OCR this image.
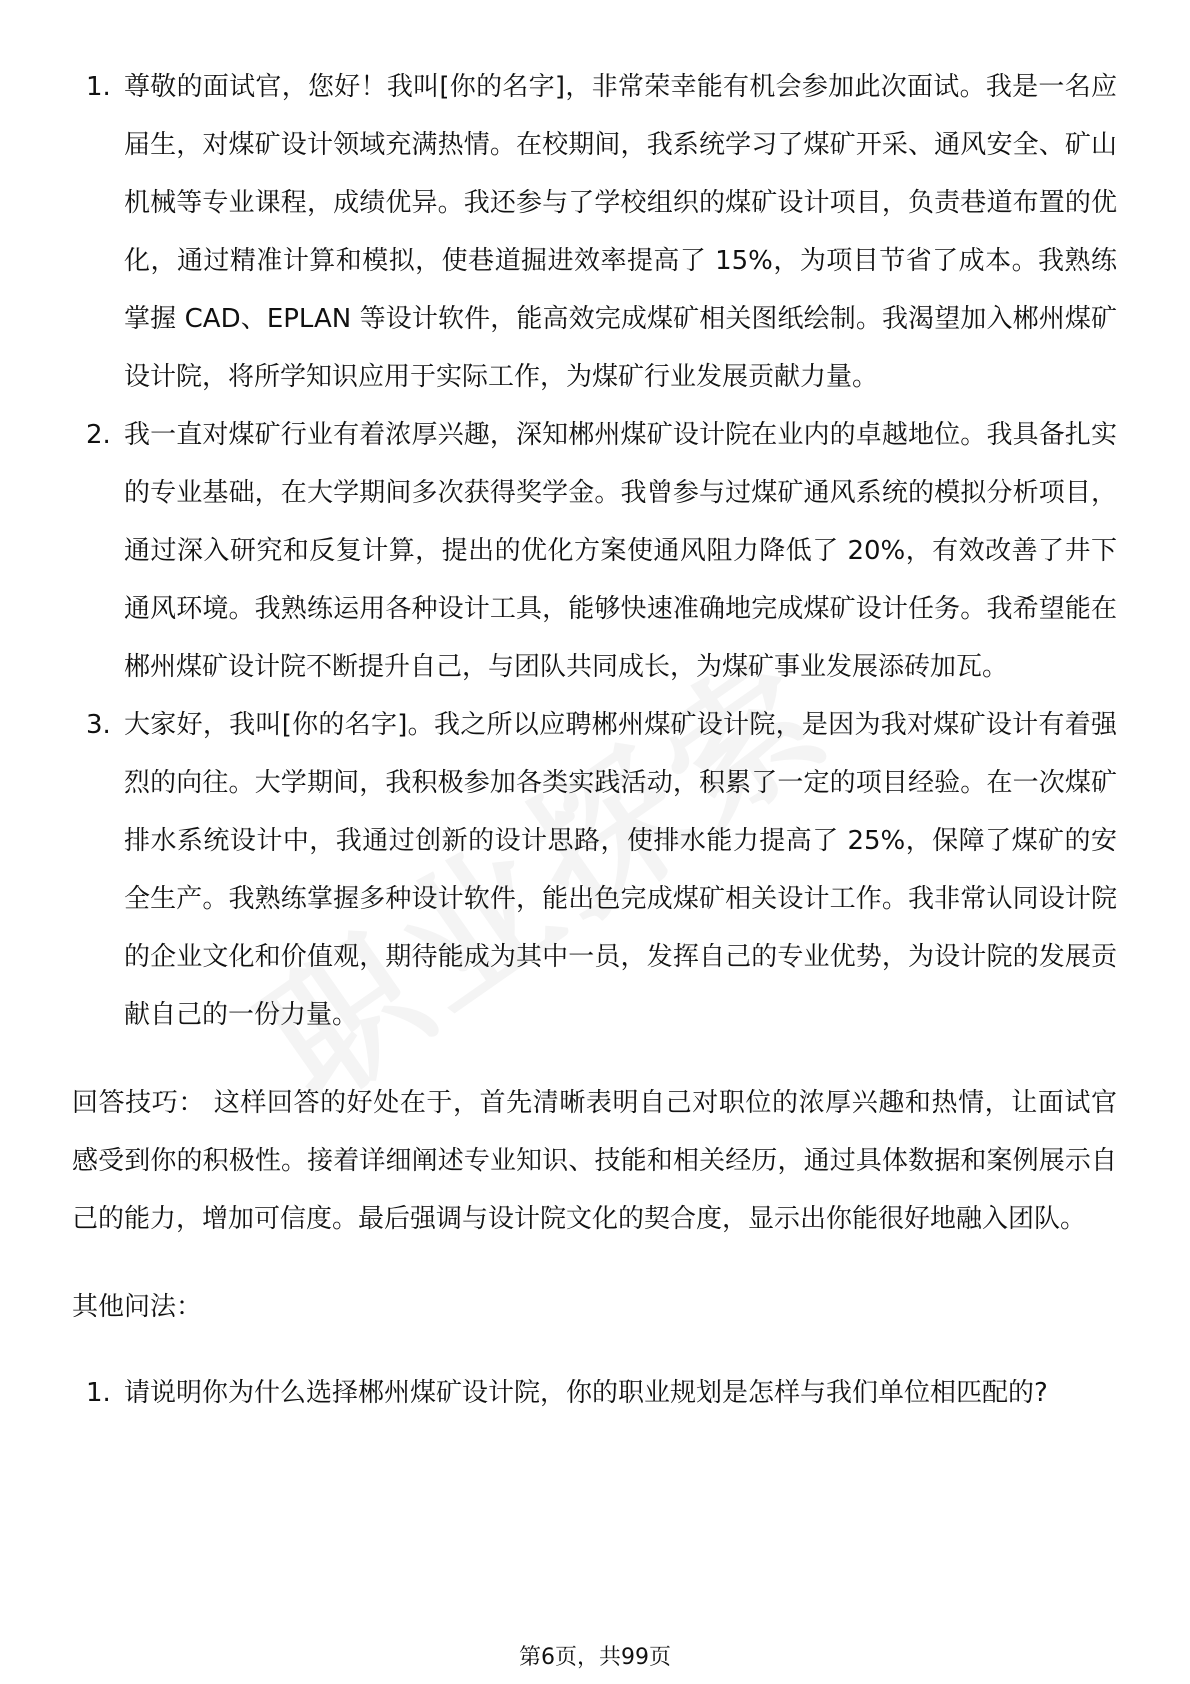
1. 尊敬的面试官，您好！我叫[你的名字]，非常荣幸能有机会参加此次面试。我是一名应届生，对煤矿设计领域充满热情。在校期间，我系统学习了煤矿开采、通风安全、矿山机械等专业课程，成绩优异。我还参与了学校组织的煤矿设计项目，负责巷道布置的优化，通过精准计算和模拟，使巷道掘进效率提高了 15%，为项目节省了成本。我熟练掌握 CAD、EPLAN 等设计软件，能高效完成煤矿相关图纸绘制。我渴望加入郴州煤矿设计院，将所学知识应用于实际工作，为煤矿行业发展贡献力量。
2. 我一直对煤矿行业有着浓厚兴趣，深知郴州煤矿设计院在业内的卓越地位。我具备扎实的专业基础，在大学期间多次获得奖学金。我曾参与过煤矿通风系统的模拟分析项目，通过深入研究和反复计算，提出的优化方案使通风阻力降低了 20%，有效改善了井下通风环境。我熟练运用各种设计工具，能够快速准确地完成煤矿设计任务。我希望能在郴州煤矿设计院不断提升自己，与团队共同成长，为煤矿事业发展添砖加瓦。
3. 大家好，我叫[你的名字]。我之所以应聘郴州煤矿设计院，是因为我对煤矿设计有着强烈的向往。大学期间，我积极参加各类实践活动，积累了一定的项目经验。在一次煤矿排水系统设计中，我通过创新的设计思路，使排水能力提高了 25%，保障了煤矿的安全生产。我熟练掌握多种设计软件，能出色完成煤矿相关设计工作。我非常认同设计院的企业文化和价值观，期待能成为其中一员，发挥自己的专业优势，为设计院的发展贡献自己的一份力量。

回答技巧： 这样回答的好处在于，首先清晰表明自己对职位的浓厚兴趣和热情，让面试官感受到你的积极性。接着详细阐述专业知识、技能和相关经历，通过具体数据和案例展示自己的能力，增加可信度。最后强调与设计院文化的契合度，显示出你能很好地融入团队。

其他问法：
1. 请说明你为什么选择郴州煤矿设计院，你的职业规划是怎样与我们单位相匹配的?
第6页，共99页
